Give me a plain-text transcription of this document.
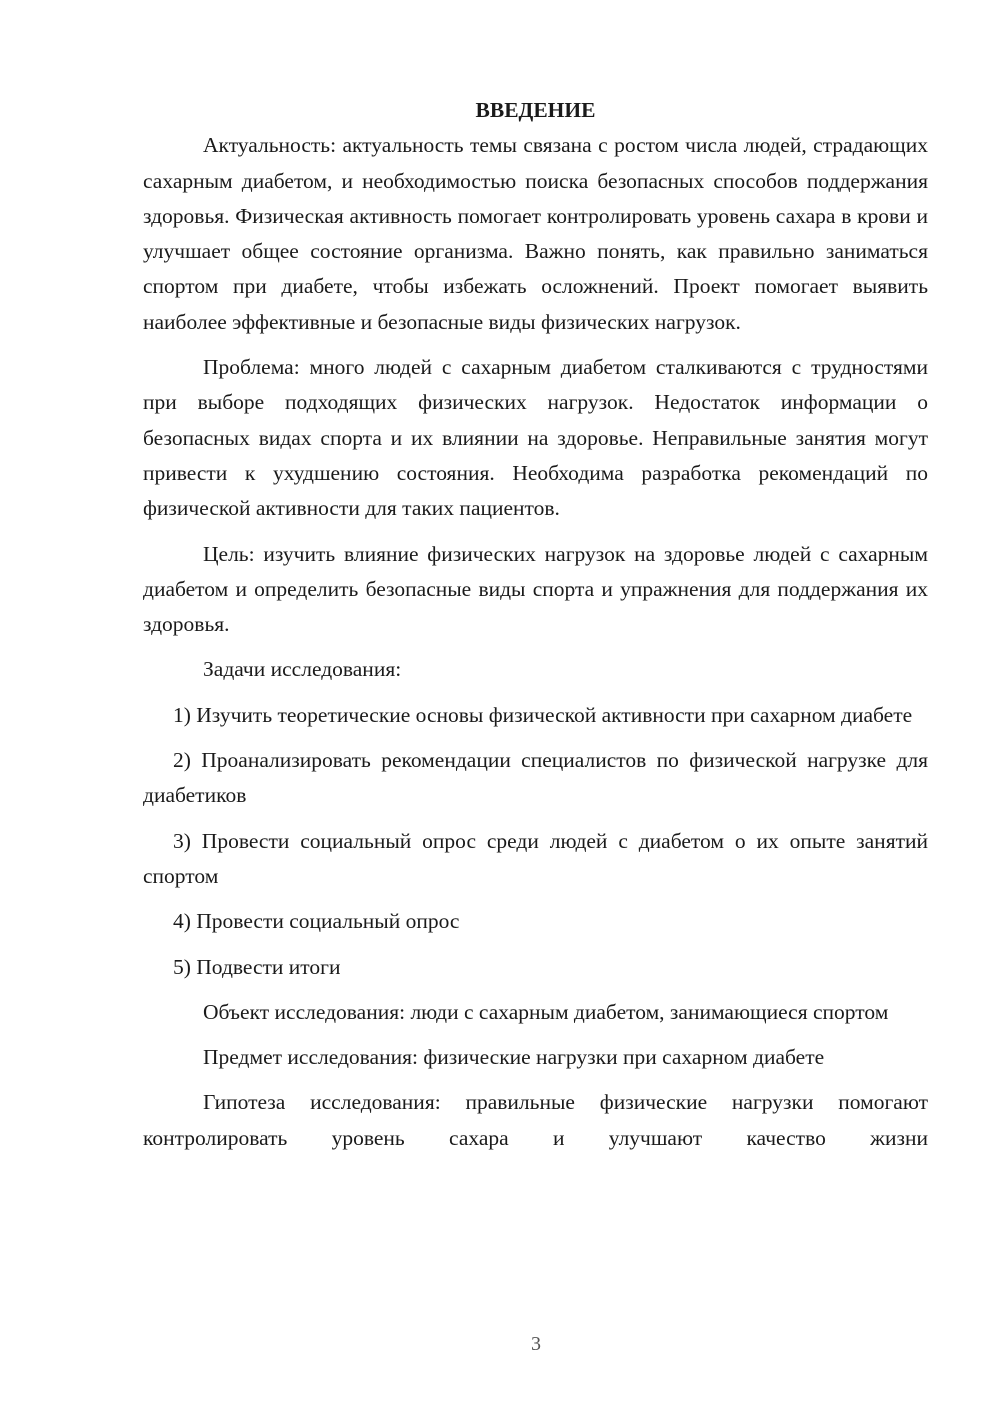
ВВЕДЕНИЕ

Актуальность: актуальность темы связана с ростом числа людей, страдающих сахарным диабетом, и необходимостью поиска безопасных способов поддержания здоровья. Физическая активность помогает контролировать уровень сахара в крови и улучшает общее состояние организма. Важно понять, как правильно заниматься спортом при диабете, чтобы избежать осложнений. Проект помогает выявить наиболее эффективные и безопасные виды физических нагрузок.

Проблема: много людей с сахарным диабетом сталкиваются с трудностями при выборе подходящих физических нагрузок. Недостаток информации о безопасных видах спорта и их влиянии на здоровье. Неправильные занятия могут привести к ухудшению состояния. Необходима разработка рекомендаций по физической активности для таких пациентов.

Цель: изучить влияние физических нагрузок на здоровье людей с сахарным диабетом и определить безопасные виды спорта и упражнения для поддержания их здоровья.

Задачи исследования:

1) Изучить теоретические основы физической активности при сахарном диабете

2) Проанализировать рекомендации специалистов по физической нагрузке для диабетиков

3) Провести социальный опрос среди людей с диабетом о их опыте занятий спортом

4) Провести социальный опрос

5) Подвести итоги

Объект исследования: люди с сахарным диабетом, занимающиеся спортом

Предмет исследования: физические нагрузки при сахарном диабете

Гипотеза исследования: правильные физические нагрузки помогают контролировать уровень сахара и улучшают качество жизни

3
